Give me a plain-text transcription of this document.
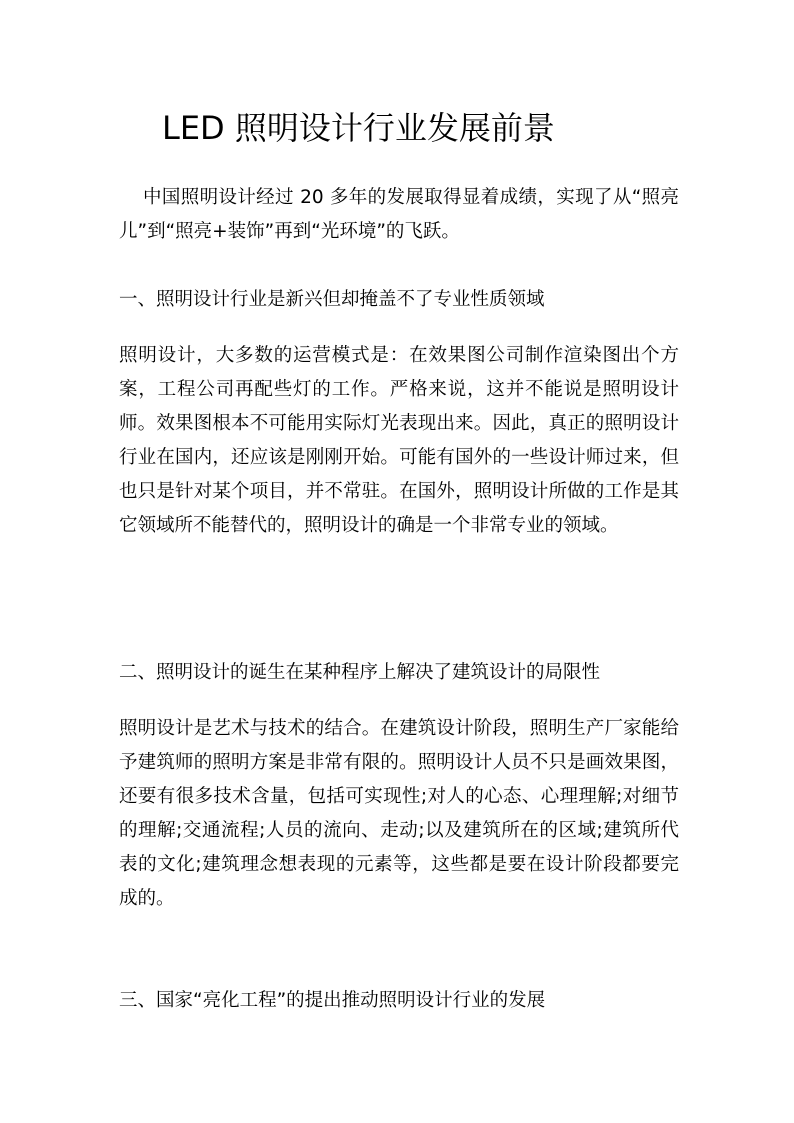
LED 照明设计行业发展前景

中国照明设计经过 20 多年的发展取得显着成绩，实现了从“照亮儿”到“照亮+装饰”再到“光环境”的飞跃。

一、照明设计行业是新兴但却掩盖不了专业性质领域

照明设计，大多数的运营模式是：在效果图公司制作渲染图出个方案，工程公司再配些灯的工作。严格来说，这并不能说是照明设计师。效果图根本不可能用实际灯光表现出来。因此，真正的照明设计行业在国内，还应该是刚刚开始。可能有国外的一些设计师过来，但也只是针对某个项目，并不常驻。在国外，照明设计所做的工作是其它领域所不能替代的，照明设计的确是一个非常专业的领域。

二、照明设计的诞生在某种程序上解决了建筑设计的局限性

照明设计是艺术与技术的结合。在建筑设计阶段，照明生产厂家能给予建筑师的照明方案是非常有限的。照明设计人员不只是画效果图，还要有很多技术含量，包括可实现性;对人的心态、心理理解;对细节的理解;交通流程;人员的流向、走动;以及建筑所在的区域;建筑所代表的文化;建筑理念想表现的元素等，这些都是要在设计阶段都要完成的。

三、国家“亮化工程”的提出推动照明设计行业的发展
